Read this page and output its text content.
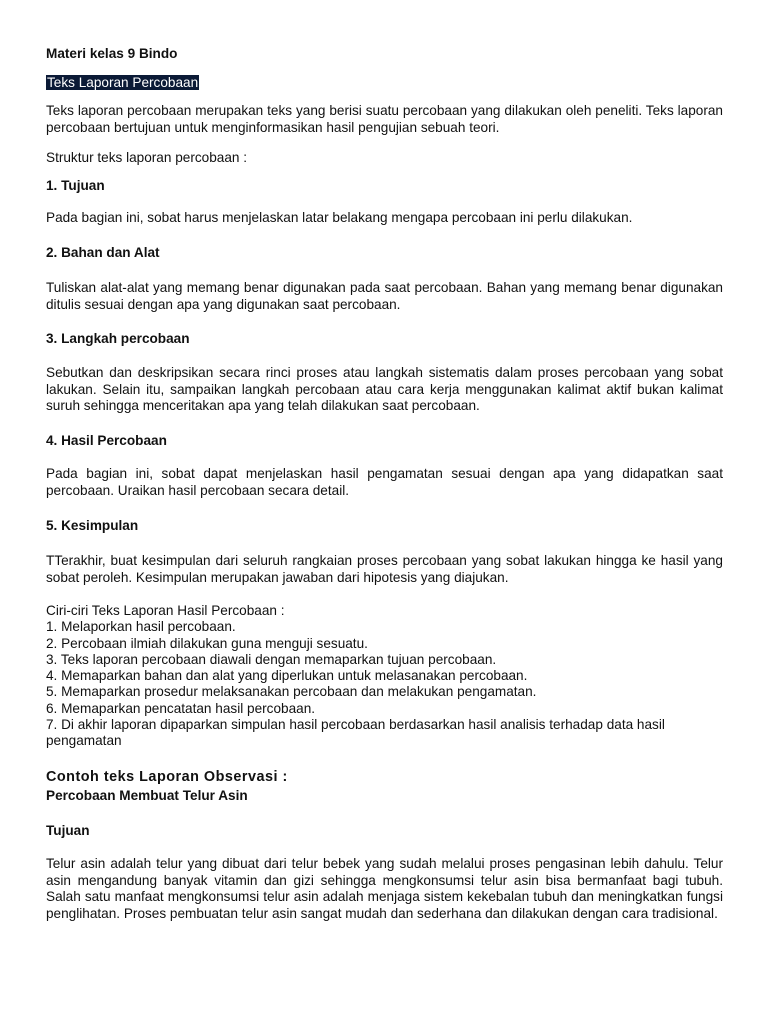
Materi kelas 9 Bindo
Teks Laporan Percobaan
Teks laporan percobaan merupakan teks yang berisi suatu percobaan yang dilakukan oleh peneliti. Teks laporan percobaan bertujuan untuk menginformasikan hasil pengujian sebuah teori.
Struktur teks laporan percobaan :
1. Tujuan
Pada bagian ini, sobat harus menjelaskan latar belakang mengapa percobaan ini perlu dilakukan.
2. Bahan dan Alat
Tuliskan alat-alat yang memang benar digunakan pada saat percobaan. Bahan yang memang benar digunakan ditulis sesuai dengan apa yang digunakan saat percobaan.
3. Langkah percobaan
Sebutkan dan deskripsikan secara rinci proses atau langkah sistematis dalam proses percobaan yang sobat lakukan. Selain itu, sampaikan langkah percobaan atau cara kerja menggunakan kalimat aktif bukan kalimat suruh sehingga menceritakan apa yang telah dilakukan saat percobaan.
4. Hasil Percobaan
Pada bagian ini, sobat dapat menjelaskan hasil pengamatan sesuai dengan apa yang didapatkan saat percobaan. Uraikan hasil percobaan secara detail.
5. Kesimpulan
TTerakhir, buat kesimpulan dari seluruh rangkaian proses percobaan yang sobat lakukan hingga ke hasil yang sobat peroleh. Kesimpulan merupakan jawaban dari hipotesis yang diajukan.
Ciri-ciri Teks Laporan Hasil Percobaan :
1. Melaporkan hasil percobaan.
2. Percobaan ilmiah dilakukan guna menguji sesuatu.
3. Teks laporan percobaan diawali dengan memaparkan tujuan percobaan.
4. Memaparkan bahan dan alat yang diperlukan untuk melasanakan percobaan.
5. Memaparkan prosedur melaksanakan percobaan dan melakukan pengamatan.
6. Memaparkan pencatatan hasil percobaan.
7. Di akhir laporan dipaparkan simpulan hasil percobaan berdasarkan hasil analisis terhadap data hasil pengamatan
Contoh teks Laporan Observasi :
Percobaan Membuat Telur Asin
Tujuan
Telur asin adalah telur yang dibuat dari telur bebek yang sudah melalui proses pengasinan lebih dahulu. Telur asin mengandung banyak vitamin dan gizi sehingga mengkonsumsi telur asin bisa bermanfaat bagi tubuh. Salah satu manfaat mengkonsumsi telur asin adalah menjaga sistem kekebalan tubuh dan meningkatkan fungsi penglihatan. Proses pembuatan telur asin sangat mudah dan sederhana dan dilakukan dengan cara tradisional.
